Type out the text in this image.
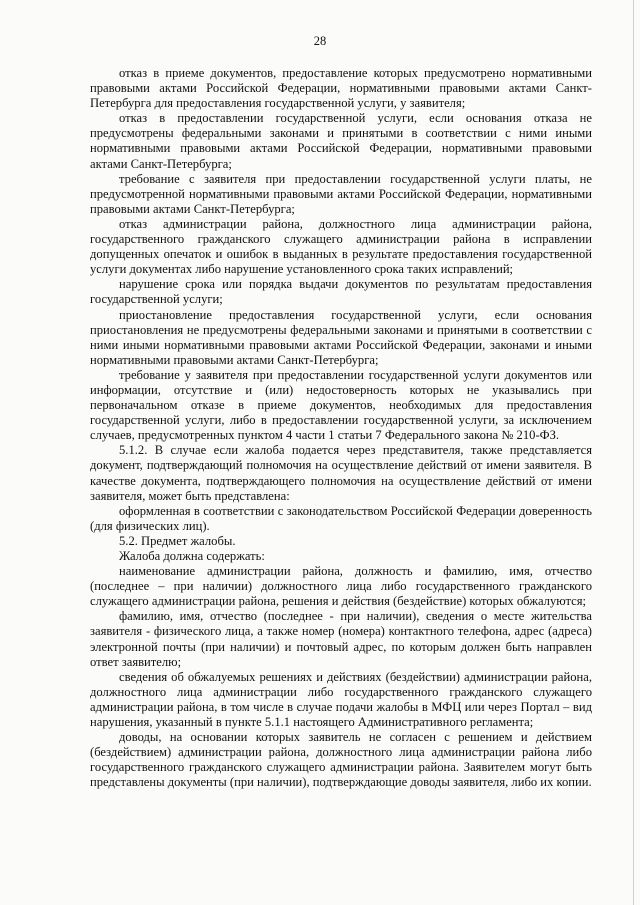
28

отказ в приеме документов, предоставление которых предусмотрено нормативными правовыми актами Российской Федерации, нормативными правовыми актами Санкт-Петербурга для предоставления государственной услуги, у заявителя;

отказ в предоставлении государственной услуги, если основания отказа не предусмотрены федеральными законами и принятыми в соответствии с ними иными нормативными правовыми актами Российской Федерации, нормативными правовыми актами Санкт-Петербурга;

требование с заявителя при предоставлении государственной услуги платы, не предусмотренной нормативными правовыми актами Российской Федерации, нормативными правовыми актами Санкт-Петербурга;

отказ администрации района, должностного лица администрации района, государственного гражданского служащего администрации района в исправлении допущенных опечаток и ошибок в выданных в результате предоставления государственной услуги документах либо нарушение установленного срока таких исправлений;

нарушение срока или порядка выдачи документов по результатам предоставления государственной услуги;

приостановление предоставления государственной услуги, если основания приостановления не предусмотрены федеральными законами и принятыми в соответствии с ними иными нормативными правовыми актами Российской Федерации, законами и иными нормативными правовыми актами Санкт-Петербурга;

требование у заявителя при предоставлении государственной услуги документов или информации, отсутствие и (или) недостоверность которых не указывались при первоначальном отказе в приеме документов, необходимых для предоставления государственной услуги, либо в предоставлении государственной услуги, за исключением случаев, предусмотренных пунктом 4 части 1 статьи 7 Федерального закона № 210-ФЗ.

5.1.2. В случае если жалоба подается через представителя, также представляется документ, подтверждающий полномочия на осуществление действий от имени заявителя. В качестве документа, подтверждающего полномочия на осуществление действий от имени заявителя, может быть представлена:

оформленная в соответствии с законодательством Российской Федерации доверенность (для физических лиц).

5.2. Предмет жалобы.

Жалоба должна содержать:

наименование администрации района, должность и фамилию, имя, отчество (последнее – при наличии) должностного лица либо государственного гражданского служащего администрации района, решения и действия (бездействие) которых обжалуются;

фамилию, имя, отчество (последнее - при наличии), сведения о месте жительства заявителя - физического лица, а также номер (номера) контактного телефона, адрес (адреса) электронной почты (при наличии) и почтовый адрес, по которым должен быть направлен ответ заявителю;

сведения об обжалуемых решениях и действиях (бездействии) администрации района, должностного лица администрации либо государственного гражданского служащего администрации района, в том числе в случае подачи жалобы в МФЦ или через Портал – вид нарушения, указанный в пункте 5.1.1 настоящего Административного регламента;

доводы, на основании которых заявитель не согласен с решением и действием (бездействием) администрации района, должностного лица администрации района либо государственного гражданского служащего администрации района. Заявителем могут быть представлены документы (при наличии), подтверждающие доводы заявителя, либо их копии.
